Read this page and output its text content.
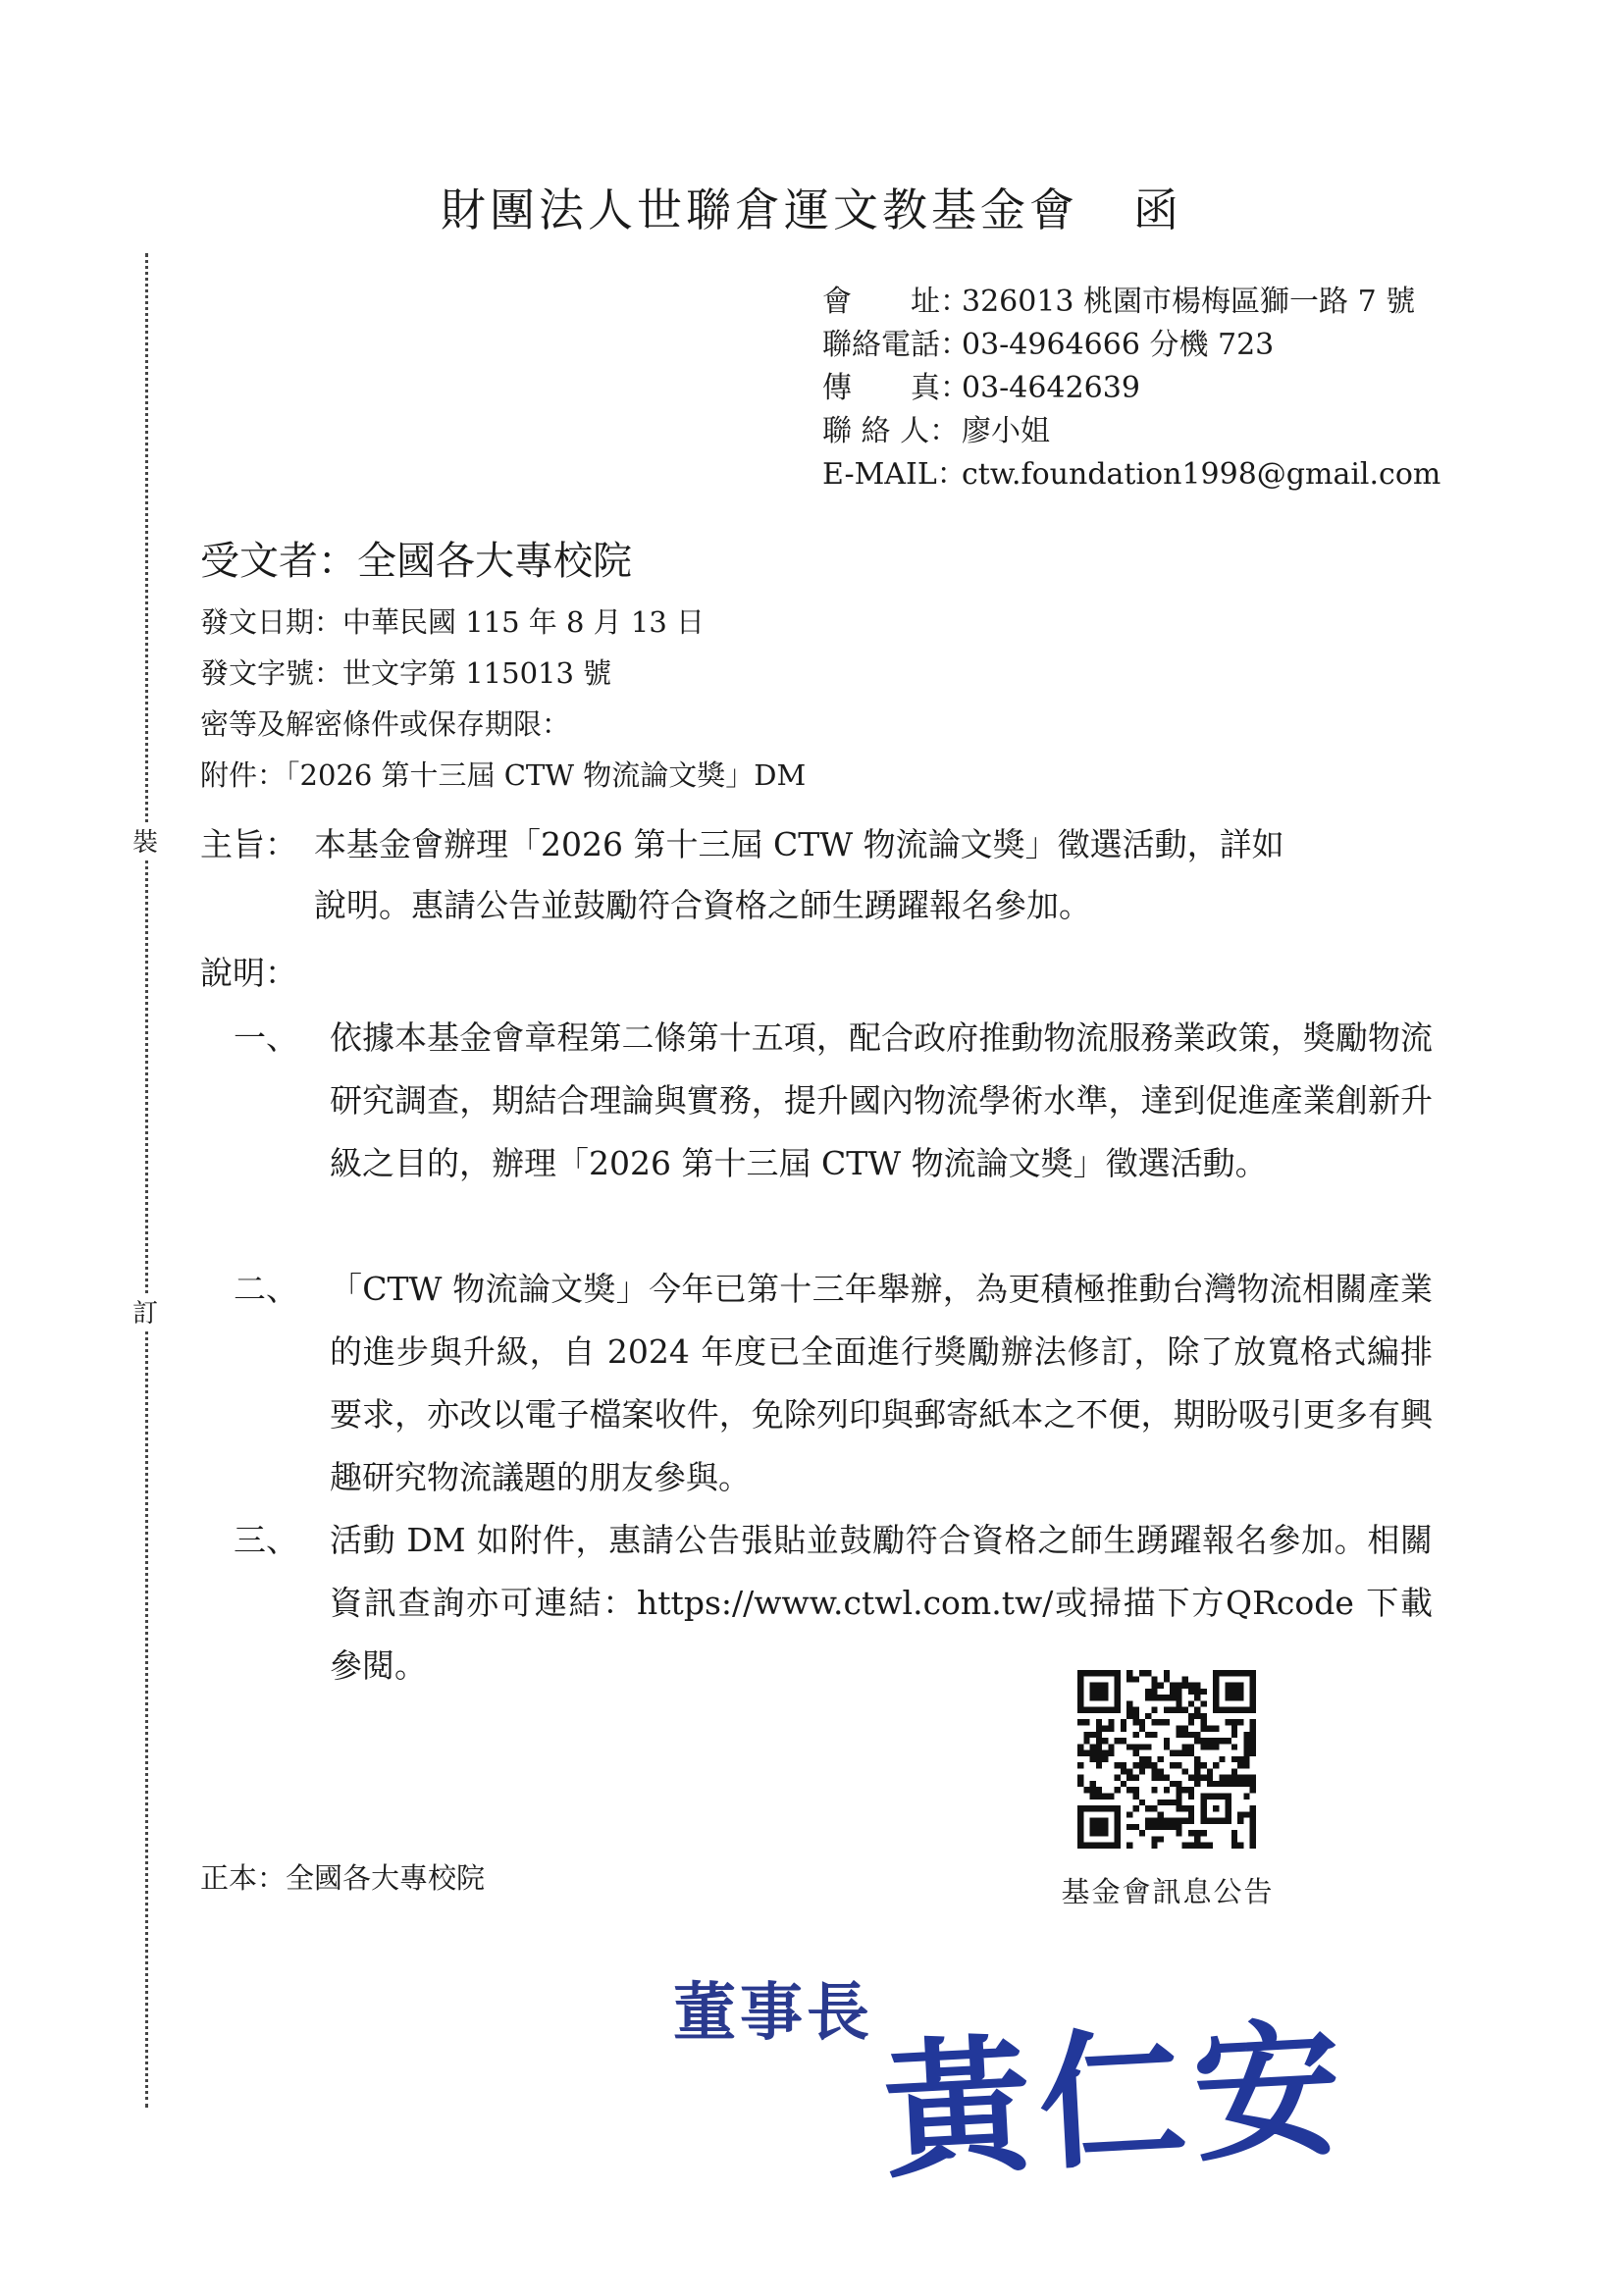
財團法人世聯倉運文教基金會 函
裝
訂
會　　址：326013 桃園市楊梅區獅一路 7 號
聯絡電話：03-4964666 分機 723
傳　　真：03-4642639
聯 絡 人：廖小姐
E-MAIL：ctw.foundation1998@gmail.com
受文者：全國各大專校院
發文日期：中華民國 115 年 8 月 13 日
發文字號：世文字第 115013 號
密等及解密條件或保存期限：
附件：「2026 第十三屆 CTW 物流論文獎」DM
主旨： 本基金會辦理「2026 第十三屆 CTW 物流論文獎」徵選活動，詳如
說明。惠請公告並鼓勵符合資格之師生踴躍報名參加。
說明：
一、 依據本基金會章程第二條第十五項，配合政府推動物流服務業政策，獎勵物流研究調查，期結合理論與實務，提升國內物流學術水準，達到促進產業創新升級之目的，辦理「2026 第十三屆 CTW 物流論文獎」徵選活動。
二、 「CTW 物流論文獎」今年已第十三年舉辦，為更積極推動台灣物流相關產業的進步與升級，自 2024 年度已全面進行獎勵辦法修訂，除了放寬格式編排要求，亦改以電子檔案收件，免除列印與郵寄紙本之不便，期盼吸引更多有興趣研究物流議題的朋友參與。
三、 活動 DM 如附件，惠請公告張貼並鼓勵符合資格之師生踴躍報名參加。相關資訊查詢亦可連結：https://www.ctwl.com.tw/或掃描下方QRcode 下載參閱。
基金會訊息公告
正本：全國各大專校院
董事長 黃仁安
